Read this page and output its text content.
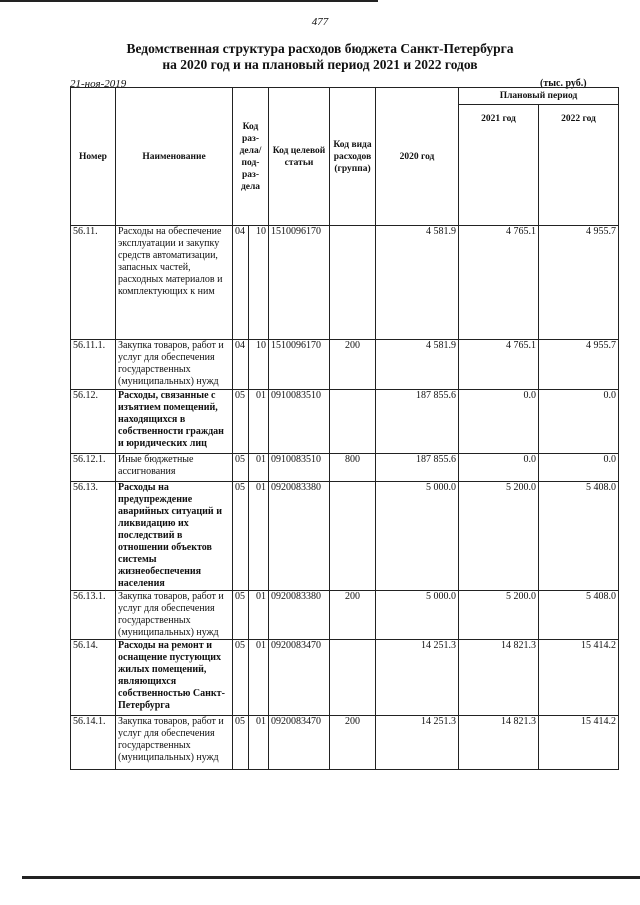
477
Ведомственная структура расходов бюджета Санкт-Петербурга
на 2020 год и на плановый период 2021 и 2022 годов
21-ноя-2019	(тыс. руб.)
Номер	Наименование	Код раз- дела/ под- раз- дела		Код целевой статьи	Код вида расходов (группа)	2020 год	Плановый период	
							2021 год	2022 год
56.11.	Расходы на обеспечение эксплуатации и закупку средств автоматизации, запасных частей, расходных материалов и комплектующих к ним	04	10	1510096170		4 581.9	4 765.1	4 955.7
56.11.1.	Закупка товаров, работ и услуг для обеспечения государственных (муниципальных) нужд	04	10	1510096170	200	4 581.9	4 765.1	4 955.7
56.12.	Расходы, связанные с изъятием помещений, находящихся в собственности граждан и юридических лиц	05	01	0910083510		187 855.6	0.0	0.0
56.12.1.	Иные бюджетные ассигнования	05	01	0910083510	800	187 855.6	0.0	0.0
56.13.	Расходы на предупреждение аварийных ситуаций и ликвидацию их последствий в отношении объектов системы жизнеобеспечения населения	05	01	0920083380		5 000.0	5 200.0	5 408.0
56.13.1.	Закупка товаров, работ и услуг для обеспечения государственных (муниципальных) нужд	05	01	0920083380	200	5 000.0	5 200.0	5 408.0
56.14.	Расходы на ремонт и оснащение пустующих жилых помещений, являющихся собственностью Санкт-Петербурга	05	01	0920083470		14 251.3	14 821.3	15 414.2
56.14.1.	Закупка товаров, работ и услуг для обеспечения государственных (муниципальных) нужд	05	01	0920083470	200	14 251.3	14 821.3	15 414.2
